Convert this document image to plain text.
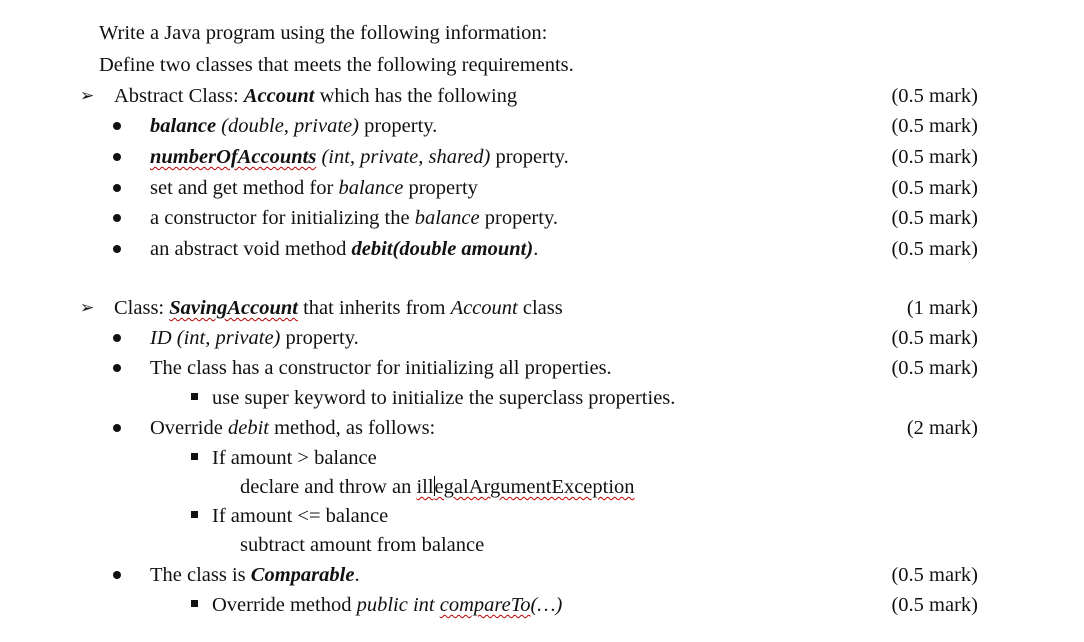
Write a Java program using the following information:
Define two classes that meets the following requirements.
➢ Abstract Class: Account which has the following	(0.5 mark)
balance (double, private) property.	(0.5 mark)
numberOfAccounts (int, private, shared) property.	(0.5 mark)
set and get method for balance property	(0.5 mark)
a constructor for initializing the balance property.	(0.5 mark)
an abstract void method debit(double amount).	(0.5 mark)
➢ Class: SavingAccount that inherits from Account class	(1 mark)
ID (int, private) property.	(0.5 mark)
The class has a constructor for initializing all properties.	(0.5 mark)
use super keyword to initialize the superclass properties.
Override debit method, as follows:	(2 mark)
If amount > balance
declare and throw an illegalArgumentException
If amount <= balance
subtract amount from balance
The class is Comparable.	(0.5 mark)
Override method public int compareTo(…)	(0.5 mark)
